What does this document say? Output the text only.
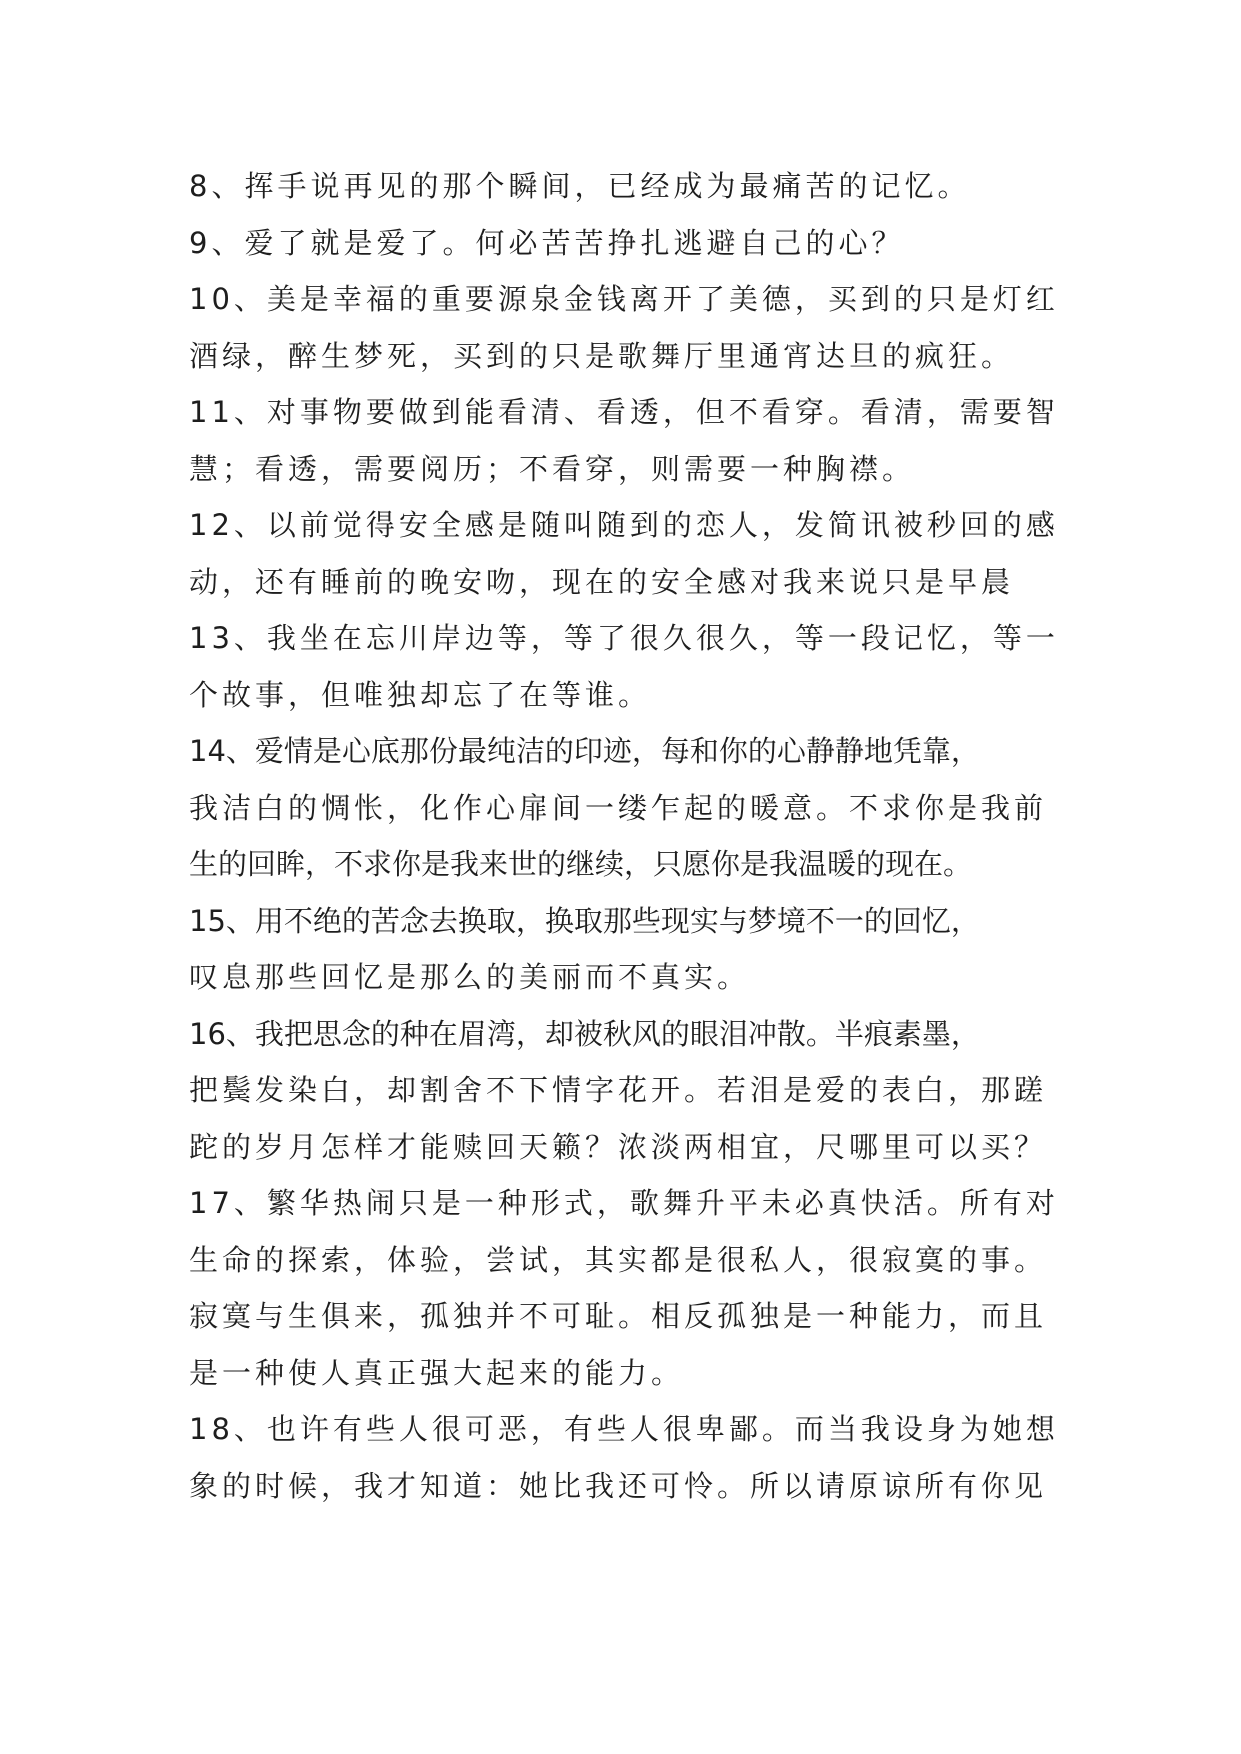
8、挥手说再见的那个瞬间，已经成为最痛苦的记忆。
9、爱了就是爱了。何必苦苦挣扎逃避自己的心？
10、美是幸福的重要源泉金钱离开了美德，买到的只是灯红
酒绿，醉生梦死，买到的只是歌舞厅里通宵达旦的疯狂。
11、对事物要做到能看清、看透，但不看穿。看清，需要智
慧；看透，需要阅历；不看穿，则需要一种胸襟。
12、以前觉得安全感是随叫随到的恋人，发简讯被秒回的感
动，还有睡前的晚安吻，现在的安全感对我来说只是早晨
13、我坐在忘川岸边等，等了很久很久，等一段记忆，等一
个故事，但唯独却忘了在等谁。
14、爱情是心底那份最纯洁的印迹，每和你的心静静地凭靠，
我洁白的惆怅，化作心扉间一缕乍起的暖意。不求你是我前
生的回眸，不求你是我来世的继续，只愿你是我温暖的现在。
15、用不绝的苦念去换取，换取那些现实与梦境不一的回忆，
叹息那些回忆是那么的美丽而不真实。
16、我把思念的种在眉湾，却被秋风的眼泪冲散。半痕素墨，
把鬓发染白，却割舍不下情字花开。若泪是爱的表白，那蹉
跎的岁月怎样才能赎回天籁？浓淡两相宜，尺哪里可以买？
17、繁华热闹只是一种形式，歌舞升平未必真快活。所有对
生命的探索，体验，尝试，其实都是很私人，很寂寞的事。
寂寞与生俱来，孤独并不可耻。相反孤独是一种能力，而且
是一种使人真正强大起来的能力。
18、也许有些人很可恶，有些人很卑鄙。而当我设身为她想
象的时候，我才知道：她比我还可怜。所以请原谅所有你见
